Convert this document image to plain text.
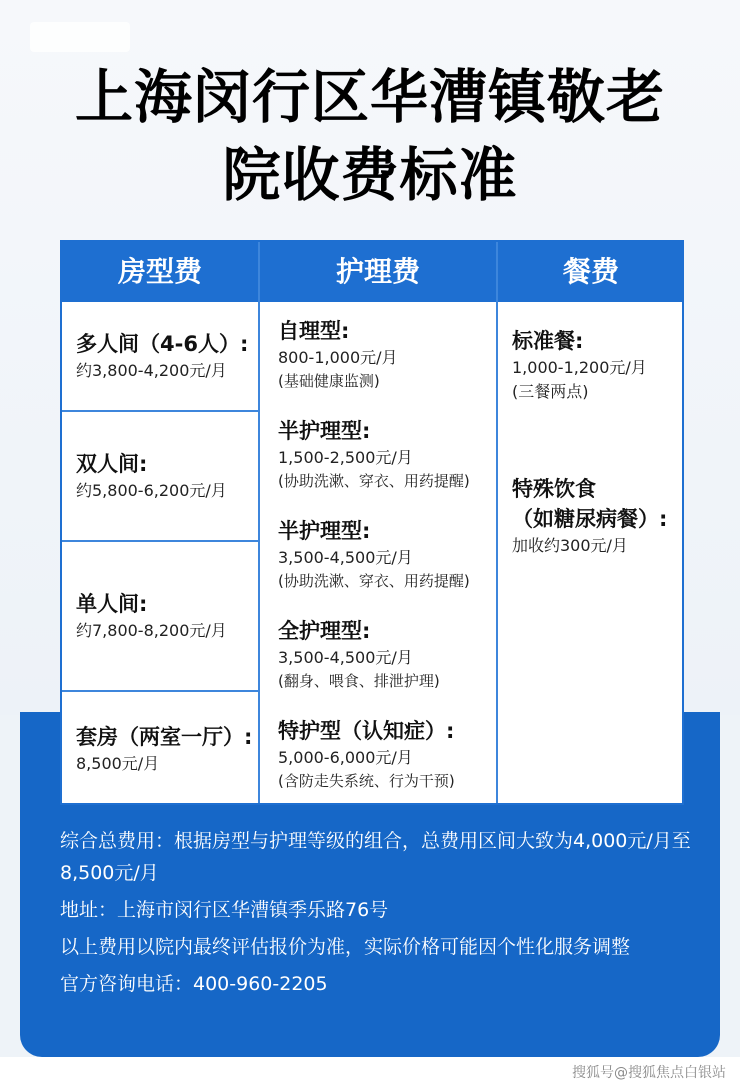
上海闵行区华漕镇敬老
院收费标准
房型费
多人间（4-6人）:
约3,800-4,200元/月
双人间:
约5,800-6,200元/月
单人间:
约7,800-8,200元/月
套房（两室一厅）:
8,500元/月
护理费
自理型:
800-1,000元/月
(基础健康监测)
半护理型:
1,500-2,500元/月
(协助洗漱、穿衣、用药提醒)
半护理型:
3,500-4,500元/月
(协助洗漱、穿衣、用药提醒)
全护理型:
3,500-4,500元/月
(翻身、喂食、排泄护理)
特护型（认知症）:
5,000-6,000元/月
(含防走失系统、行为干预)
餐费
标准餐:
1,000-1,200元/月
(三餐两点)
特殊饮食
（如糖尿病餐）:
加收约300元/月

综合总费用：根据房型与护理等级的组合，总费用区间大致为4,000元/月至8,500元/月

地址：上海市闵行区华漕镇季乐路76号

以上费用以院内最终评估报价为准，实际价格可能因个性化服务调整

官方咨询电话：400-960-2205

搜狐号@搜狐焦点白银站
